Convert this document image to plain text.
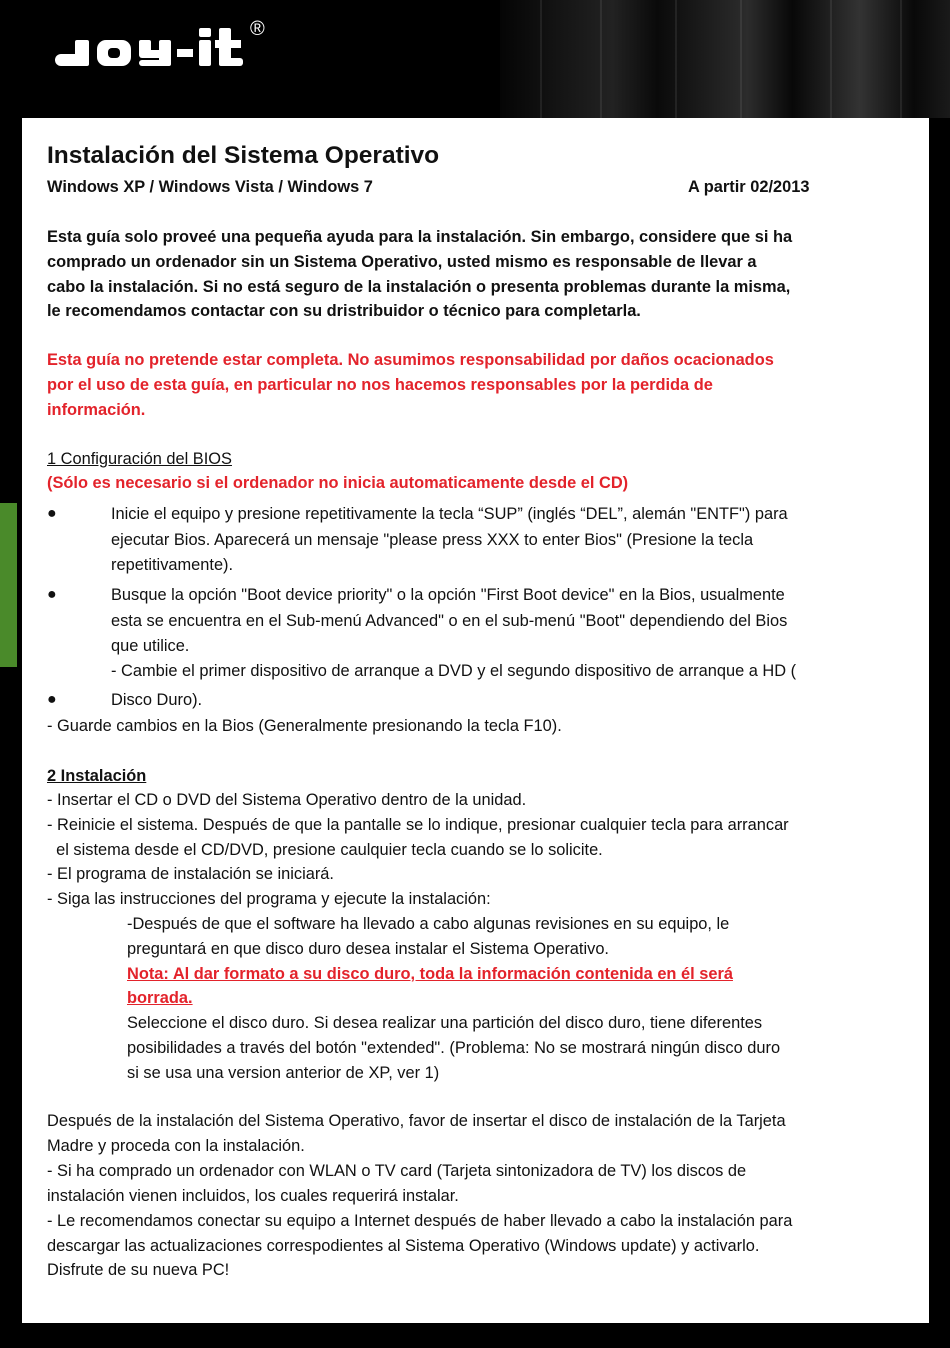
®
Instalación del Sistema Operativo
Windows XP / Windows Vista / Windows 7	A partir 02/2013
Esta guía solo proveé una pequeña ayuda para la instalación. Sin embargo, considere que si ha
comprado un ordenador sin un Sistema Operativo, usted mismo es responsable de llevar a
cabo la instalación. Si no está seguro de la instalación o presenta problemas durante la misma,
le recomendamos contactar con su dristribuidor o técnico para completarla.
Esta guía no pretende estar completa. No asumimos responsabilidad por daños ocacionados
por el uso de esta guía, en particular no nos hacemos responsables por la perdida de
información.
1 Configuración del BIOS
(Sólo es necesario si el ordenador no inicia automaticamente desde el CD)
●	Inicie el equipo y presione repetitivamente la tecla “SUP” (inglés “DEL”, alemán "ENTF") para
ejecutar Bios. Aparecerá un mensaje "please press XXX to enter Bios" (Presione la tecla
repetitivamente).
●	Busque la opción "Boot device priority" o la opción "First Boot device" en la Bios, usualmente
esta se encuentra en el Sub-menú Advanced" o en el sub-menú "Boot" dependiendo del Bios
que utilice.
- Cambie el primer dispositivo de arranque a DVD y el segundo dispositivo de arranque a HD (
●	Disco Duro).
- Guarde cambios en la Bios (Generalmente presionando la tecla F10).
2 Instalación
- Insertar el CD o DVD del Sistema Operativo dentro de la unidad.
- Reinicie el sistema. Después de que la pantalle se lo indique, presionar cualquier tecla para arrancar
el sistema desde el CD/DVD, presione caulquier tecla cuando se lo solicite.
- El programa de instalación se iniciará.
- Siga las instrucciones del programa y ejecute la instalación:
-Después de que el software ha llevado a cabo algunas revisiones en su equipo, le
preguntará en que disco duro desea instalar el Sistema Operativo.
Nota: Al dar formato a su disco duro, toda la información contenida en él será
borrada.
Seleccione el disco duro. Si desea realizar una partición del disco duro, tiene diferentes
posibilidades a través del botón "extended". (Problema: No se mostrará ningún disco duro
si se usa una version anterior de XP, ver 1)
Después de la instalación del Sistema Operativo, favor de insertar el disco de instalación de la Tarjeta
Madre y proceda con la instalación.
- Si ha comprado un ordenador con WLAN o TV card (Tarjeta sintonizadora de TV) los discos de
instalación vienen incluidos, los cuales requerirá instalar.
- Le recomendamos conectar su equipo a Internet después de haber llevado a cabo la instalación para
descargar las actualizaciones correspodientes al Sistema Operativo (Windows update) y activarlo.
Disfrute de su nueva PC!
